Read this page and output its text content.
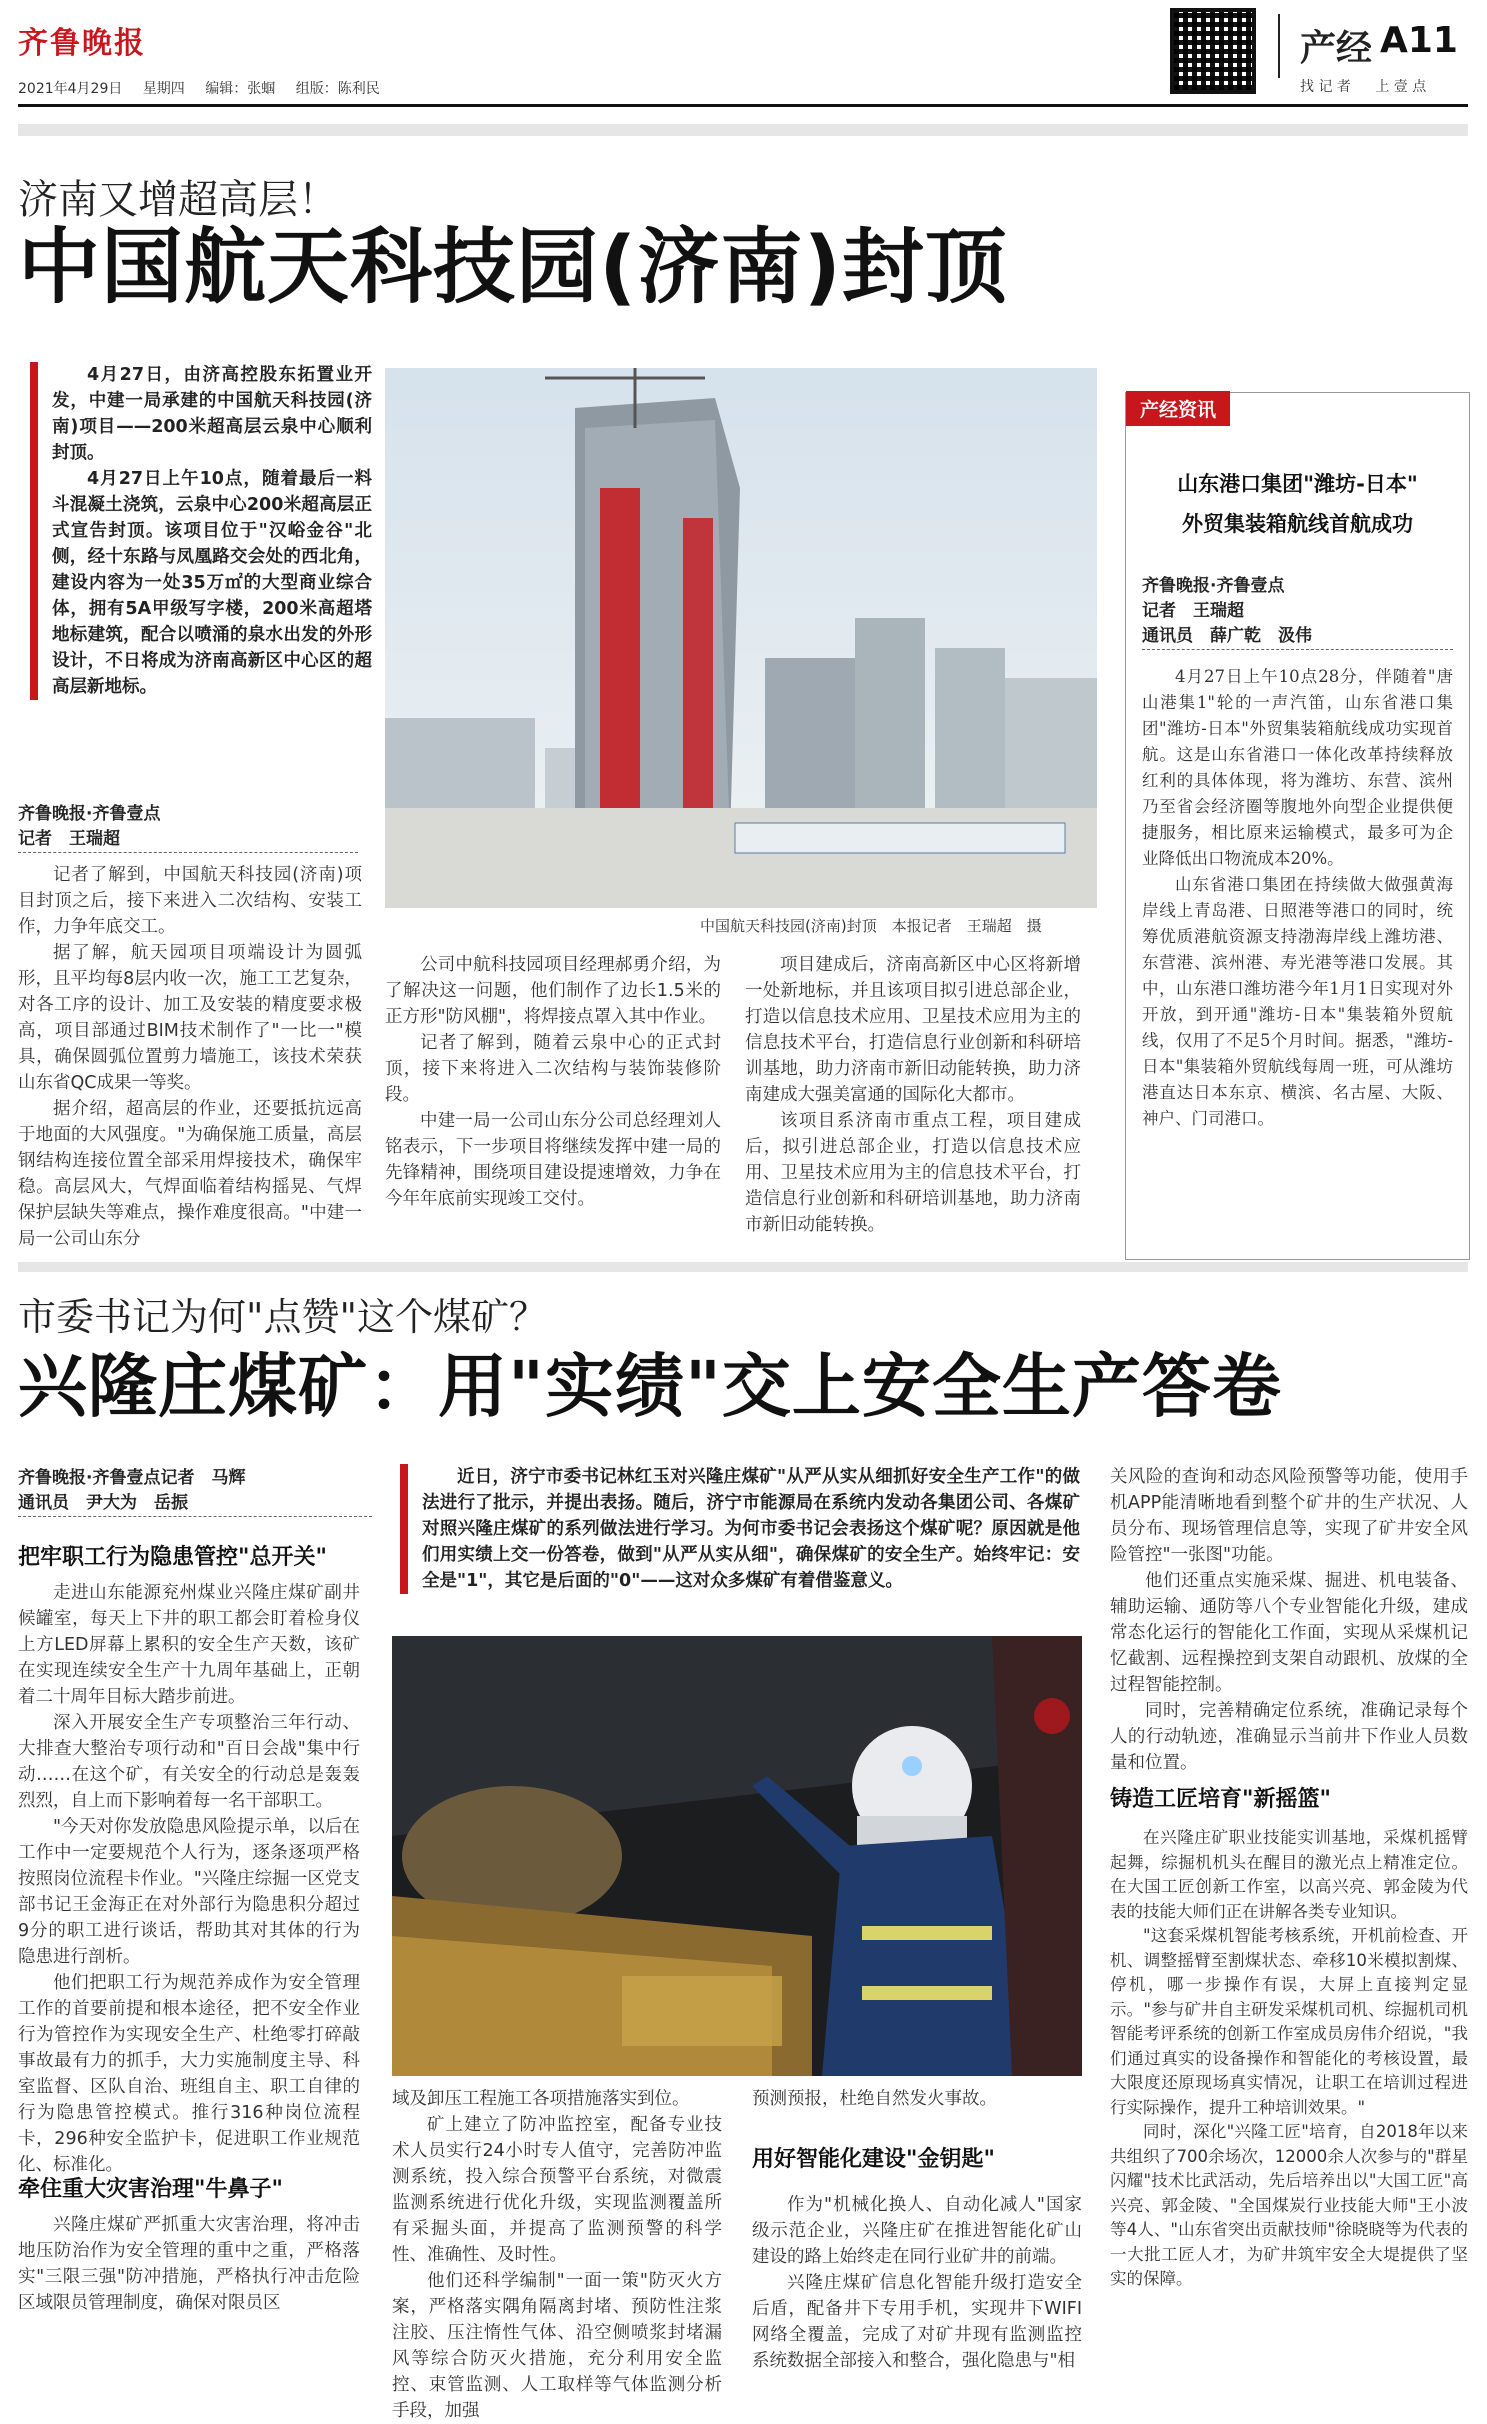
齐鲁晚报
2021年4月29日 星期四 编辑：张蝈 组版：陈利民
产经 A11
找 记 者 上 壹 点
济南又增超高层！
中国航天科技园(济南)封顶

4月27日，由济高控股东拓置业开发，中建一局承建的中国航天科技园(济南)项目——200米超高层云泉中心顺利封顶。

4月27日上午10点，随着最后一料斗混凝土浇筑，云泉中心200米超高层正式宣告封顶。该项目位于"汉峪金谷"北侧，经十东路与凤凰路交会处的西北角，建设内容为一处35万㎡的大型商业综合体，拥有5A甲级写字楼，200米高超塔地标建筑，配合以喷涌的泉水出发的外形设计，不日将成为济南高新区中心区的超高层新地标。

齐鲁晚报·齐鲁壹点
记者　王瑞超
中国航天科技园(济南)封顶　本报记者　王瑞超　摄

记者了解到，中国航天科技园(济南)项目封顶之后，接下来进入二次结构、安装工作，力争年底交工。

据了解，航天园项目项端设计为圆弧形，且平均每8层内收一次，施工工艺复杂，对各工序的设计、加工及安装的精度要求极高，项目部通过BIM技术制作了"一比一"模具，确保圆弧位置剪力墙施工，该技术荣获山东省QC成果一等奖。

据介绍，超高层的作业，还要抵抗远高于地面的大风强度。"为确保施工质量，高层钢结构连接位置全部采用焊接技术，确保牢稳。高层风大，气焊面临着结构摇晃、气焊保护层缺失等难点，操作难度很高。"中建一局一公司山东分

公司中航科技园项目经理郝勇介绍，为了解决这一问题，他们制作了边长1.5米的正方形"防风棚"，将焊接点罩入其中作业。

记者了解到，随着云泉中心的正式封顶，接下来将进入二次结构与装饰装修阶段。

中建一局一公司山东分公司总经理刘人铭表示，下一步项目将继续发挥中建一局的先锋精神，围绕项目建设提速增效，力争在今年年底前实现竣工交付。

项目建成后，济南高新区中心区将新增一处新地标，并且该项目拟引进总部企业，打造以信息技术应用、卫星技术应用为主的信息技术平台，打造信息行业创新和科研培训基地，助力济南市新旧动能转换，助力济南建成大强美富通的国际化大都市。

该项目系济南市重点工程，项目建成后，拟引进总部企业，打造以信息技术应用、卫星技术应用为主的信息技术平台，打造信息行业创新和科研培训基地，助力济南市新旧动能转换。

产经资讯
山东港口集团"潍坊-日本"
外贸集装箱航线首航成功
齐鲁晚报·齐鲁壹点
记者　王瑞超
通讯员　薛广乾　汲伟

4月27日上午10点28分，伴随着"唐山港集1"轮的一声汽笛，山东省港口集团"潍坊-日本"外贸集装箱航线成功实现首航。这是山东省港口一体化改革持续释放红利的具体体现，将为潍坊、东营、滨州乃至省会经济圈等腹地外向型企业提供便捷服务，相比原来运输模式，最多可为企业降低出口物流成本20%。

山东省港口集团在持续做大做强黄海岸线上青岛港、日照港等港口的同时，统筹优质港航资源支持渤海岸线上潍坊港、东营港、滨州港、寿光港等港口发展。其中，山东港口潍坊港今年1月1日实现对外开放，到开通"潍坊-日本"集装箱外贸航线，仅用了不足5个月时间。据悉，"潍坊-日本"集装箱外贸航线每周一班，可从潍坊港直达日本东京、横滨、名古屋、大阪、神户、门司港口。

市委书记为何"点赞"这个煤矿？
兴隆庄煤矿：用"实绩"交上安全生产答卷
齐鲁晚报·齐鲁壹点记者　马辉
通讯员　尹大为　岳振
把牢职工行为隐患管控"总开关"

走进山东能源兖州煤业兴隆庄煤矿副井候罐室，每天上下井的职工都会盯着检身仪上方LED屏幕上累积的安全生产天数，该矿在实现连续安全生产十九周年基础上，正朝着二十周年目标大踏步前进。

深入开展安全生产专项整治三年行动、大排查大整治专项行动和"百日会战"集中行动……在这个矿，有关安全的行动总是轰轰烈烈，自上而下影响着每一名干部职工。

"今天对你发放隐患风险提示单，以后在工作中一定要规范个人行为，逐条逐项严格按照岗位流程卡作业。"兴隆庄综掘一区党支部书记王金海正在对外部行为隐患积分超过9分的职工进行谈话，帮助其对其体的行为隐患进行剖析。

他们把职工行为规范养成作为安全管理工作的首要前提和根本途径，把不安全作业行为管控作为实现安全生产、杜绝零打碎敲事故最有力的抓手，大力实施制度主导、科室监督、区队自治、班组自主、职工自律的行为隐患管控模式。推行316种岗位流程卡，296种安全监护卡，促进职工作业规范化、标准化。

牵住重大灾害治理"牛鼻子"

兴隆庄煤矿严抓重大灾害治理，将冲击地压防治作为安全管理的重中之重，严格落实"三限三强"防冲措施，严格执行冲击危险区域限员管理制度，确保对限员区

近日，济宁市委书记林红玉对兴隆庄煤矿"从严从实从细抓好安全生产工作"的做法进行了批示，并提出表扬。随后，济宁市能源局在系统内发动各集团公司、各煤矿对照兴隆庄煤矿的系列做法进行学习。为何市委书记会表扬这个煤矿呢？原因就是他们用实绩上交一份答卷，做到"从严从实从细"，确保煤矿的安全生产。始终牢记：安全是"1"，其它是后面的"0"——这对众多煤矿有着借鉴意义。

域及卸压工程施工各项措施落实到位。

矿上建立了防冲监控室，配备专业技术人员实行24小时专人值守，完善防冲监测系统，投入综合预警平台系统，对微震监测系统进行优化升级，实现监测覆盖所有采掘头面，并提高了监测预警的科学性、准确性、及时性。

他们还科学编制"一面一策"防灭火方案，严格落实隅角隔离封堵、预防性注浆注胶、压注惰性气体、沿空侧喷浆封堵漏风等综合防灭火措施，充分利用安全监控、束管监测、人工取样等气体监测分析手段，加强

预测预报，杜绝自然发火事故。

用好智能化建设"金钥匙"

作为"机械化换人、自动化减人"国家级示范企业，兴隆庄矿在推进智能化矿山建设的路上始终走在同行业矿井的前端。

兴隆庄煤矿信息化智能升级打造安全后盾，配备井下专用手机，实现井下WIFI网络全覆盖，完成了对矿井现有监测监控系统数据全部接入和整合，强化隐患与"相

关风险的查询和动态风险预警等功能，使用手机APP能清晰地看到整个矿井的生产状况、人员分布、现场管理信息等，实现了矿井安全风险管控"一张图"功能。

他们还重点实施采煤、掘进、机电装备、辅助运输、通防等八个专业智能化升级，建成常态化运行的智能化工作面，实现从采煤机记忆截割、远程操控到支架自动跟机、放煤的全过程智能控制。

同时，完善精确定位系统，准确记录每个人的行动轨迹，准确显示当前井下作业人员数量和位置。

铸造工匠培育"新摇篮"

在兴隆庄矿职业技能实训基地，采煤机摇臂起舞，综掘机机头在醒目的激光点上精准定位。在大国工匠创新工作室，以高兴亮、郭金陵为代表的技能大师们正在讲解各类专业知识。

"这套采煤机智能考核系统，开机前检查、开机、调整摇臂至割煤状态、牵移10米模拟割煤、停机，哪一步操作有误，大屏上直接判定显示。"参与矿井自主研发采煤机司机、综掘机司机智能考评系统的创新工作室成员房伟介绍说，"我们通过真实的设备操作和智能化的考核设置，最大限度还原现场真实情况，让职工在培训过程进行实际操作，提升工种培训效果。"

同时，深化"兴隆工匠"培育，自2018年以来共组织了700余场次，12000余人次参与的"群星闪耀"技术比武活动，先后培养出以"大国工匠"高兴亮、郭金陵、"全国煤炭行业技能大师"王小波等4人、"山东省突出贡献技师"徐晓晓等为代表的一大批工匠人才，为矿井筑牢安全大堤提供了坚实的保障。
